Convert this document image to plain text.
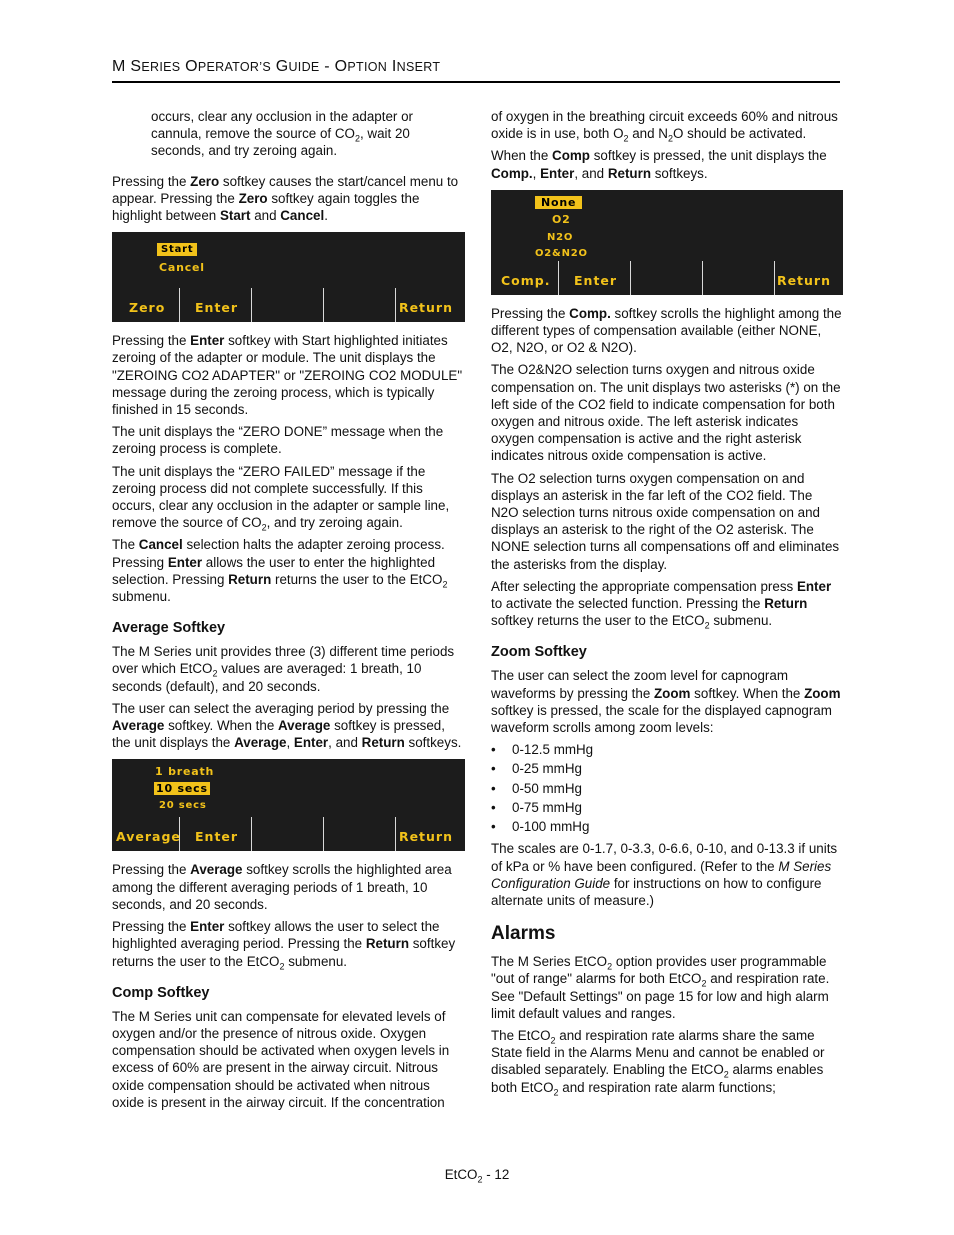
M SERIES OPERATOR’S GUIDE - OPTION INSERT

occurs, clear any occlusion in the adapter or cannula, remove the source of $CO_2$, wait 20 seconds, and try zeroing again.

Pressing the Zero softkey causes the start/cancel menu to appear. Pressing the Zero softkey again toggles the highlight between Start and Cancel.

Start
Cancel
Zero Enter	Return

Pressing the Enter softkey with Start highlighted initiates zeroing of the adapter or module. The unit displays the "ZEROING CO2 ADAPTER" or "ZEROING CO2 MODULE" message during the zeroing process, which is typically finished in 15 seconds.

The unit displays the “ZERO DONE” message when the zeroing process is complete.

The unit displays the “ZERO FAILED” message if the zeroing process did not complete successfully. If this occurs, clear any occlusion in the adapter or sample line, remove the source of $CO_2$, and try zeroing again.

The Cancel selection halts the adapter zeroing process. Pressing Enter allows the user to enter the highlighted selection. Pressing Return returns the user to the EtCO$_2$ submenu.

Average Softkey

The M Series unit provides three (3) different time periods over which EtCO$_2$ values are averaged: 1 breath, 10 seconds (default), and 20 seconds.

The user can select the averaging period by pressing the Average softkey. When the Average softkey is pressed, the unit displays the Average, Enter, and Return softkeys.

1 breath
10 secs
20 secs
Average Enter	Return

Pressing the Average softkey scrolls the highlighted area among the different averaging periods of 1 breath, 10 seconds, and 20 seconds.

Pressing the Enter softkey allows the user to select the highlighted averaging period. Pressing the Return softkey returns the user to the EtCO$_2$ submenu.

Comp Softkey

The M Series unit can compensate for elevated levels of oxygen and/or the presence of nitrous oxide. Oxygen compensation should be activated when oxygen levels in excess of 60% are present in the airway circuit. Nitrous oxide compensation should be activated when nitrous oxide is present in the airway circuit. If the concentration

of oxygen in the breathing circuit exceeds 60% and nitrous oxide is in use, both $O_2$ and $N_2O$ should be activated.

When the Comp softkey is pressed, the unit displays the Comp., Enter, and Return softkeys.

None
O2
N2O
O2&N2O
Comp. Enter	Return

Pressing the Comp. softkey scrolls the highlight among the different types of compensation available (either NONE, O2, N2O, or O2 & N2O).

The O2&N2O selection turns oxygen and nitrous oxide compensation on. The unit displays two asterisks (*) on the left side of the CO2 field to indicate compensation for both oxygen and nitrous oxide. The left asterisk indicates oxygen compensation is active and the right asterisk indicates nitrous oxide compensation is active.

The O2 selection turns oxygen compensation on and displays an asterisk in the far left of the CO2 field. The N2O selection turns nitrous oxide compensation on and displays an asterisk to the right of the O2 asterisk. The NONE selection turns all compensations off and eliminates the asterisks from the display.

After selecting the appropriate compensation press Enter to activate the selected function. Pressing the Return softkey returns the user to the EtCO$_2$ submenu.

Zoom Softkey

The user can select the zoom level for capnogram waveforms by pressing the Zoom softkey. When the Zoom softkey is pressed, the scale for the displayed capnogram waveform scrolls among zoom levels:

• 0-12.5 mmHg
• 0-25 mmHg
• 0-50 mmHg
• 0-75 mmHg
• 0-100 mmHg

The scales are 0-1.7, 0-3.3, 0-6.6, 0-10, and 0-13.3 if units of kPa or % have been configured. (Refer to the M Series Configuration Guide for instructions on how to configure alternate units of measure.)

Alarms

The M Series EtCO$_2$ option provides user programmable "out of range" alarms for both EtCO$_2$ and respiration rate. See "Default Settings" on page 15 for low and high alarm limit default values and ranges.

The EtCO$_2$ and respiration rate alarms share the same State field in the Alarms Menu and cannot be enabled or disabled separately. Enabling the EtCO$_2$ alarms enables both EtCO$_2$ and respiration rate alarm functions;

EtCO$_2$ - 12
